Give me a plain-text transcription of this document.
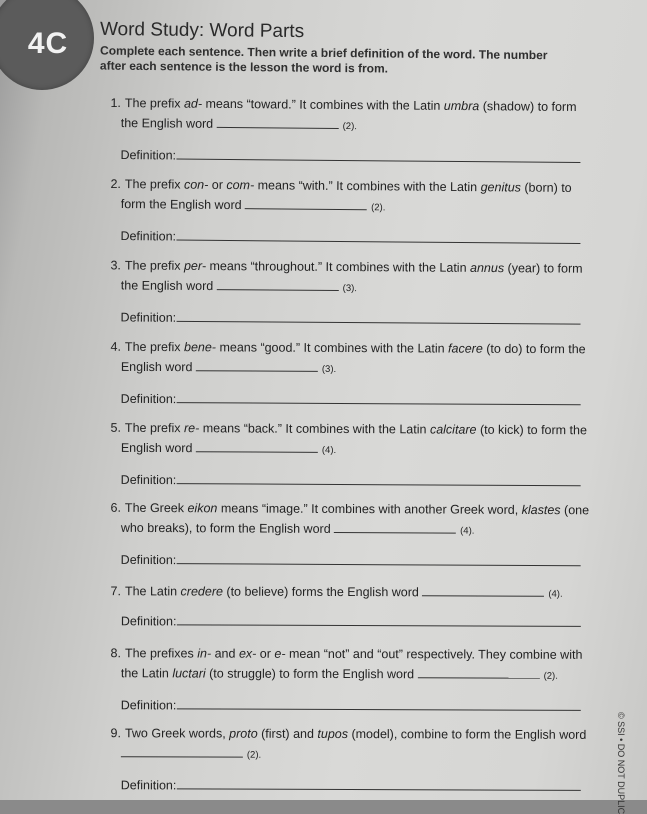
4C Word Study: Word Parts

Complete each sentence. Then write a brief definition of the word. The number after each sentence is the lesson the word is from.

1. The prefix ad- means “toward.” It combines with the Latin umbra (shadow) to form
the English word	(2).
Definition:
2. The prefix con- or com- means “with.” It combines with the Latin genitus (born) to
form the English word	(2).
Definition:
3. The prefix per- means “throughout.” It combines with the Latin annus (year) to form
the English word	(3).
Definition:
4. The prefix bene- means “good.” It combines with the Latin facere (to do) to form the
English word	(3).
Definition:
5. The prefix re- means “back.” It combines with the Latin calcitare (to kick) to form the
English word	(4).
Definition:
6. The Greek eikon means “image.” It combines with another Greek word, klastes (one
who breaks), to form the English word	(4).
Definition:
7. The Latin credere (to believe) forms the English word	(4).
Definition:
8. The prefixes in- and ex- or e- mean “not” and “out” respectively. They combine with
the Latin luctari (to struggle) to form the English word	(2).
Definition:
9. Two Greek words, proto (first) and tupos (model), combine to form the English word
(2).
Definition:	© SSI • DO NOT DUPLIC
